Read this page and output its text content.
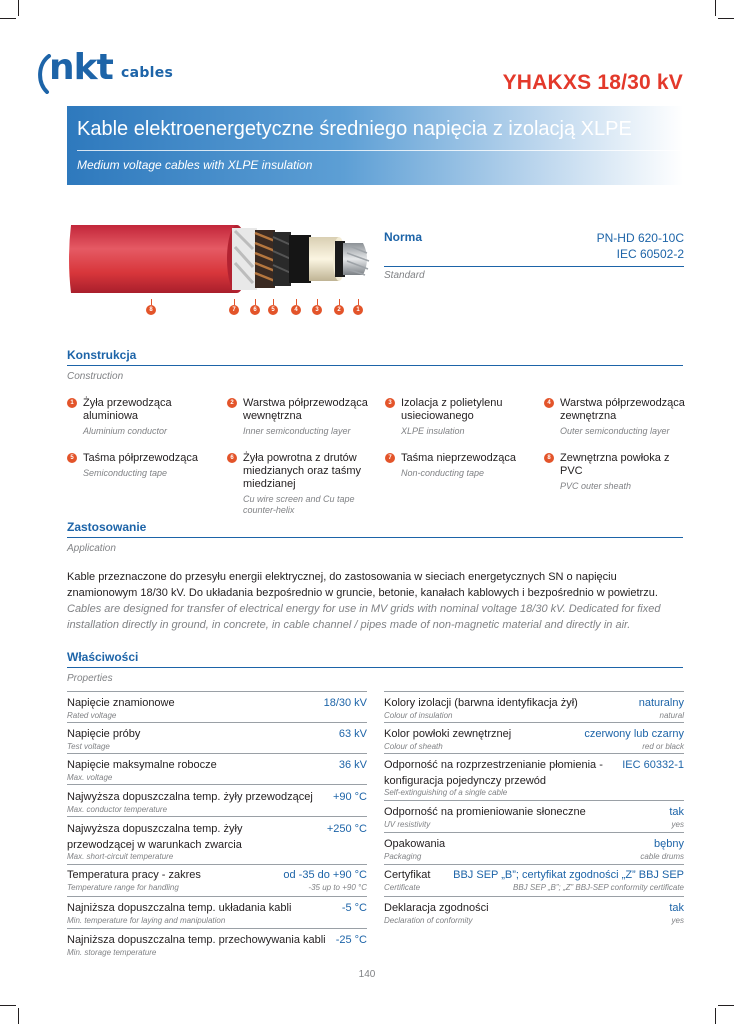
nkt cables	YHAKXS 18/30 kV
Kable elektroenergetyczne średniego napięcia z izolacją XLPE
Medium voltage cables with XLPE insulation
8	7	6	5	4	3	2	1
Norma	PN-HD 620-10C
IEC 60502-2
Standard
Konstrukcja
Construction
1 Żyła przewodząca aluminiowa
Aluminium conductor
2 Warstwa półprzewodząca wewnętrzna
Inner semiconducting layer
3 Izolacja z polietylenu usieciowanego
XLPE insulation
4 Warstwa półprzewodząca zewnętrzna
Outer semiconducting layer
5 Taśma półprzewodząca
Semiconducting tape
6 Żyła powrotna z drutów miedzianych oraz taśmy miedzianej
Cu wire screen and Cu tape counter-helix
7 Taśma nieprzewodząca
Non-conducting tape
8 Zewnętrzna powłoka z PVC
PVC outer sheath
Zastosowanie
Application
Kable przeznaczone do przesyłu energii elektrycznej, do zastosowania w sieciach energetycznych SN o napięciu znamionowym 18/30 kV. Do układania bezpośrednio w gruncie, betonie, kanałach kablowych i bezpośrednio w powietrzu.
Cables are designed for transfer of electrical energy for use in MV grids with nominal voltage 18/30 kV. Dedicated for fixed installation directly in ground, in concrete, in cable channel / pipes made of non-magnetic material and directly in air.
Właściwości
Properties
Napięcie znamionowe	18/30 kV
Rated voltage
Napięcie próby	63 kV
Test voltage
Napięcie maksymalne robocze	36 kV
Max. voltage
Najwyższa dopuszczalna temp. żyły przewodzącej	+90 °C
Max. conductor temperature
Najwyższa dopuszczalna temp. żyły przewodzącej w warunkach zwarcia
+250 °C
Max. short-circuit temperature
Temperatura pracy - zakres	od -35 do +90 °C
Temperature range for handling	-35 up to +90 °C
Najniższa dopuszczalna temp. układania kabli	-5 °C
Min. temperature for laying and manipulation
Najniższa dopuszczalna temp. przechowywania kabli -25 °C
Min. storage temperature
Kolory izolacji (barwna identyfikacja żył)	naturalny
Colour of insulation	natural
Kolor powłoki zewnętrznej	czerwony lub czarny
Colour of sheath	red or black
Odporność na rozprzestrzenianie płomienia - konfiguracja pojedynczy przewód
IEC 60332-1
Self-extinguishing of a single cable
Odporność na promieniowanie słoneczne	tak
UV resistivity	yes
Opakowania	bębny
Packaging	cable drums
Certyfikat BBJ SEP „B”; certyfikat zgodności „Z” BBJ SEP
Certificate	BBJ SEP „B”; „Z” BBJ-SEP conformity certificate
Deklaracja zgodności	tak
Declaration of conformity	yes
140
